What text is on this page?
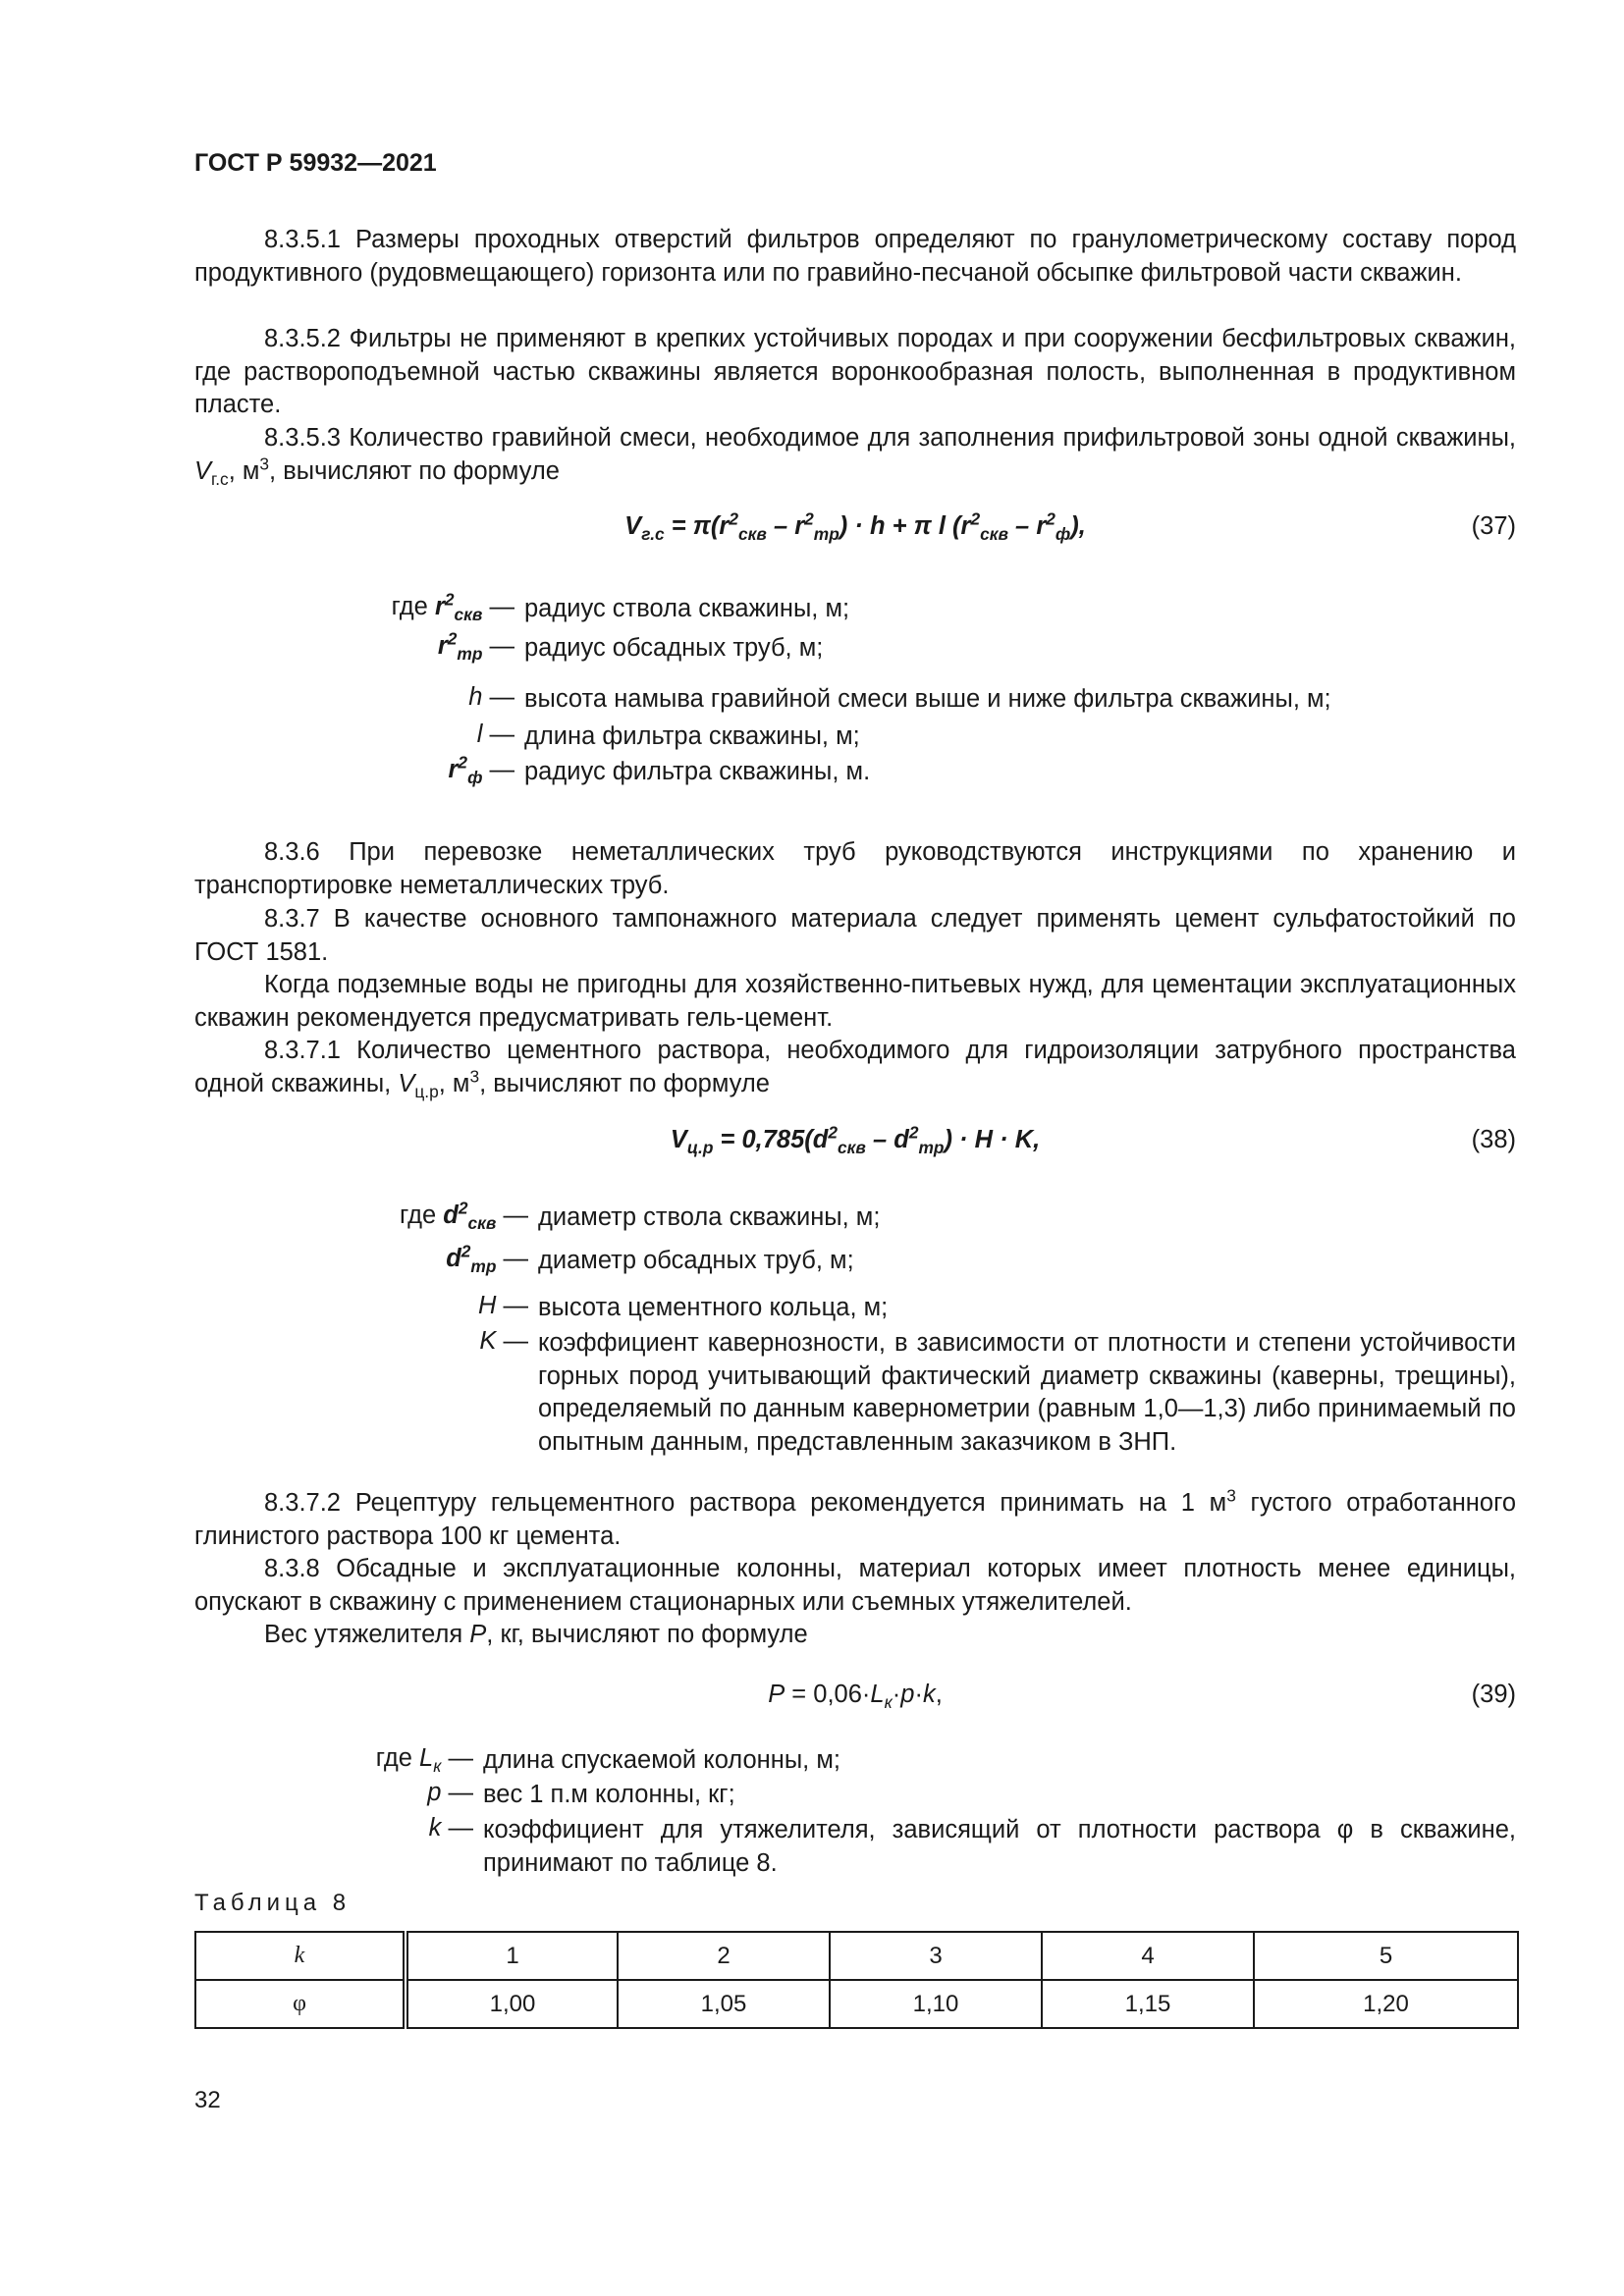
ГОСТ Р 59932—2021

8.3.5.1 Размеры проходных отверстий фильтров определяют по гранулометрическому составу пород продуктивного (рудовмещающего) горизонта или по гравийно-песчаной обсыпке фильтровой части скважин.

8.3.5.2 Фильтры не применяют в крепких устойчивых породах и при сооружении бесфильтровых скважин, где раствороподъемной частью скважины является воронкообразная полость, выполненная в продуктивном пласте.

8.3.5.3 Количество гравийной смеси, необходимое для заполнения прифильтровой зоны одной скважины, $V_{г.с}$, $м^3$, вычисляют по формуле

$V_{г.с} = \pi(r^2_{скв} - r^2_{тр}) \cdot h + \pi$ l $(r^2_{скв} - r^2_ф)$,	(37)
где $r^2_{скв}$ — радиус ствола скважины, м;
$r^2_{тр}$ — радиус обсадных труб, м;
h — высота намыва гравийной смеси выше и ниже фильтра скважины, м;
l — длина фильтра скважины, м;
$r^2_ф$ — радиус фильтра скважины, м.

8.3.6 При перевозке неметаллических труб руководствуются инструкциями по хранению и транспортировке неметаллических труб.

8.3.7 В качестве основного тампонажного материала следует применять цемент сульфатостойкий по ГОСТ 1581.

Когда подземные воды не пригодны для хозяйственно-питьевых нужд, для цементации эксплуатационных скважин рекомендуется предусматривать гель-цемент.

8.3.7.1 Количество цементного раствора, необходимого для гидроизоляции затрубного пространства одной скважины, $V_{ц.р}$, $м^3$, вычисляют по формуле

$V_{ц.р} = 0,785(d^2_{скв} - d^2_{тр}) \cdot H \cdot K$,	(38)
где $d^2_{скв}$ — диаметр ствола скважины, м;
$d^2_{тр}$ — диаметр обсадных труб, м;
H — высота цементного кольца, м;
K — коэффициент кавернозности, в зависимости от плотности и степени устойчивости горных пород учитывающий фактический диаметр скважины (каверны, трещины), определяемый по данным кавернометрии (равным 1,0—1,3) либо принимаемый по опытным данным, представленным заказчиком в ЗНП.

8.3.7.2 Рецептуру гельцементного раствора рекомендуется принимать на 1 $м^3$ густого отработанного глинистого раствора 100 кг цемента.

8.3.8 Обсадные и эксплуатационные колонны, материал которых имеет плотность менее единицы, опускают в скважину с применением стационарных или съемных утяжелителей.

Вес утяжелителя P, кг, вычисляют по формуле

$P = 0,06\cdot L_к\cdot p\cdot k$,	(39)
где $L_к$ — длина спускаемой колонны, м;
p — вес 1 п.м колонны, кг;
k — коэффициент для утяжелителя, зависящий от плотности раствора φ в скважине, принимают по таблице 8.
Таблица 8
k	1	2	3	4	5
φ	1,00	1,05	1,10	1,15	1,20
32
